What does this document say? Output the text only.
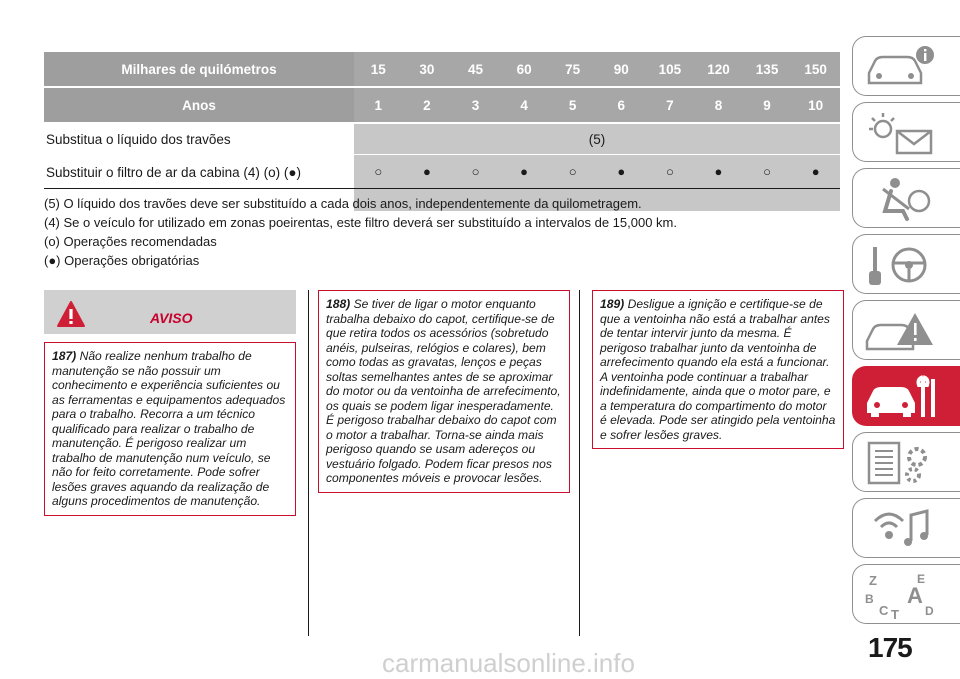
Milhares de quilómetros	15	30	45	60	75	90	105	120	135	150
Anos	1	2	3	4	5	6	7	8	9	10
Substitua o líquido dos travões	(5)									
Substituir o filtro de ar da cabina (4) (o) (●)	○	●	○	●	○	●	○	●	○	●
(5) O líquido dos travões deve ser substituído a cada dois anos, independentemente da quilometragem.
(4) Se o veículo for utilizado em zonas poeirentas, este filtro deverá ser substituído a intervalos de 15,000 km.
(o) Operações recomendadas
(●) Operações obrigatórias
AVISO
187) Não realize nenhum trabalho de manutenção se não possuir um conhecimento e experiência suficientes ou as ferramentas e equipamentos adequados para o trabalho. Recorra a um técnico qualificado para realizar o trabalho de manutenção. É perigoso realizar um trabalho de manutenção num veículo, se não for feito corretamente. Pode sofrer lesões graves aquando da realização de alguns procedimentos de manutenção.
188) Se tiver de ligar o motor enquanto trabalha debaixo do capot, certifique-se de que retira todos os acessórios (sobretudo anéis, pulseiras, relógios e colares), bem como todas as gravatas, lenços e peças soltas semelhantes antes de se aproximar do motor ou da ventoinha de arrefecimento, os quais se podem ligar inesperadamente. É perigoso trabalhar debaixo do capot com o motor a trabalhar. Torna-se ainda mais perigoso quando se usam adereços ou vestuário folgado. Podem ficar presos nos componentes móveis e provocar lesões.
189) Desligue a ignição e certifique-se de que a ventoinha não está a trabalhar antes de tentar intervir junto da mesma. É perigoso trabalhar junto da ventoinha de arrefecimento quando ela está a funcionar. A ventoinha pode continuar a trabalhar indefinidamente, ainda que o motor pare, e a temperatura do compartimento do motor é elevada. Pode ser atingido pela ventoinha e sofrer lesões graves.
Z	E
B A
C T D
175
carmanualsonline.info
